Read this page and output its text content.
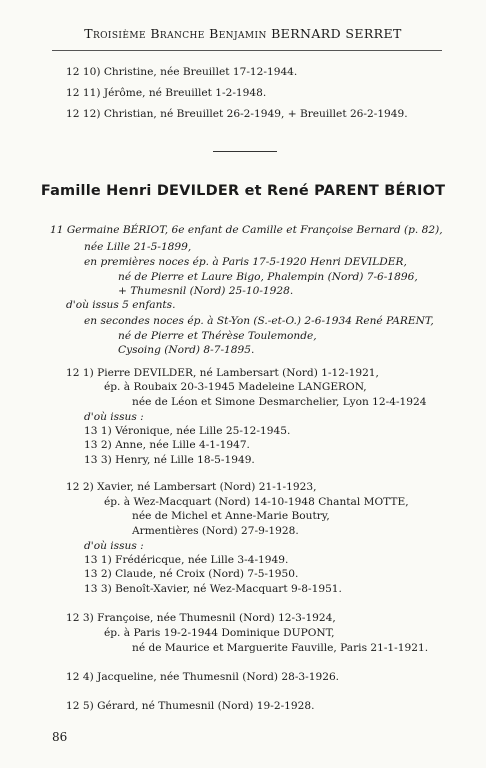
Troisième Branche Benjamin BERNARD SERRET
12 10) Christine, née Breuillet 17-12-1944.
12 11) Jérôme, né Breuillet 1-2-1948.
12 12) Christian, né Breuillet 26-2-1949, + Breuillet 26-2-1949.
Famille Henri DEVILDER et René PARENT BÉRIOT
11 Germaine BÉRIOT, 6e enfant de Camille et Françoise Bernard (p. 82),
née Lille 21-5-1899,
en premières noces ép. à Paris 17-5-1920 Henri DEVILDER,
né de Pierre et Laure Bigo, Phalempin (Nord) 7-6-1896,
+ Thumesnil (Nord) 25-10-1928.
d'où issus 5 enfants.
en secondes noces ép. à St-Yon (S.-et-O.) 2-6-1934 René PARENT,
né de Pierre et Thérèse Toulemonde,
Cysoing (Nord) 8-7-1895.
12 1) Pierre DEVILDER, né Lambersart (Nord) 1-12-1921,
ép. à Roubaix 20-3-1945 Madeleine LANGERON,
née de Léon et Simone Desmarchelier, Lyon 12-4-1924
d'où issus :
13 1) Véronique, née Lille 25-12-1945.
13 2) Anne, née Lille 4-1-1947.
13 3) Henry, né Lille 18-5-1949.
12 2) Xavier, né Lambersart (Nord) 21-1-1923,
ép. à Wez-Macquart (Nord) 14-10-1948 Chantal MOTTE,
née de Michel et Anne-Marie Boutry,
Armentières (Nord) 27-9-1928.
d'où issus :
13 1) Frédéricque, née Lille 3-4-1949.
13 2) Claude, né Croix (Nord) 7-5-1950.
13 3) Benoît-Xavier, né Wez-Macquart 9-8-1951.
12 3) Françoise, née Thumesnil (Nord) 12-3-1924,
ép. à Paris 19-2-1944 Dominique DUPONT,
né de Maurice et Marguerite Fauville, Paris 21-1-1921.
12 4) Jacqueline, née Thumesnil (Nord) 28-3-1926.
12 5) Gérard, né Thumesnil (Nord) 19-2-1928.
86
